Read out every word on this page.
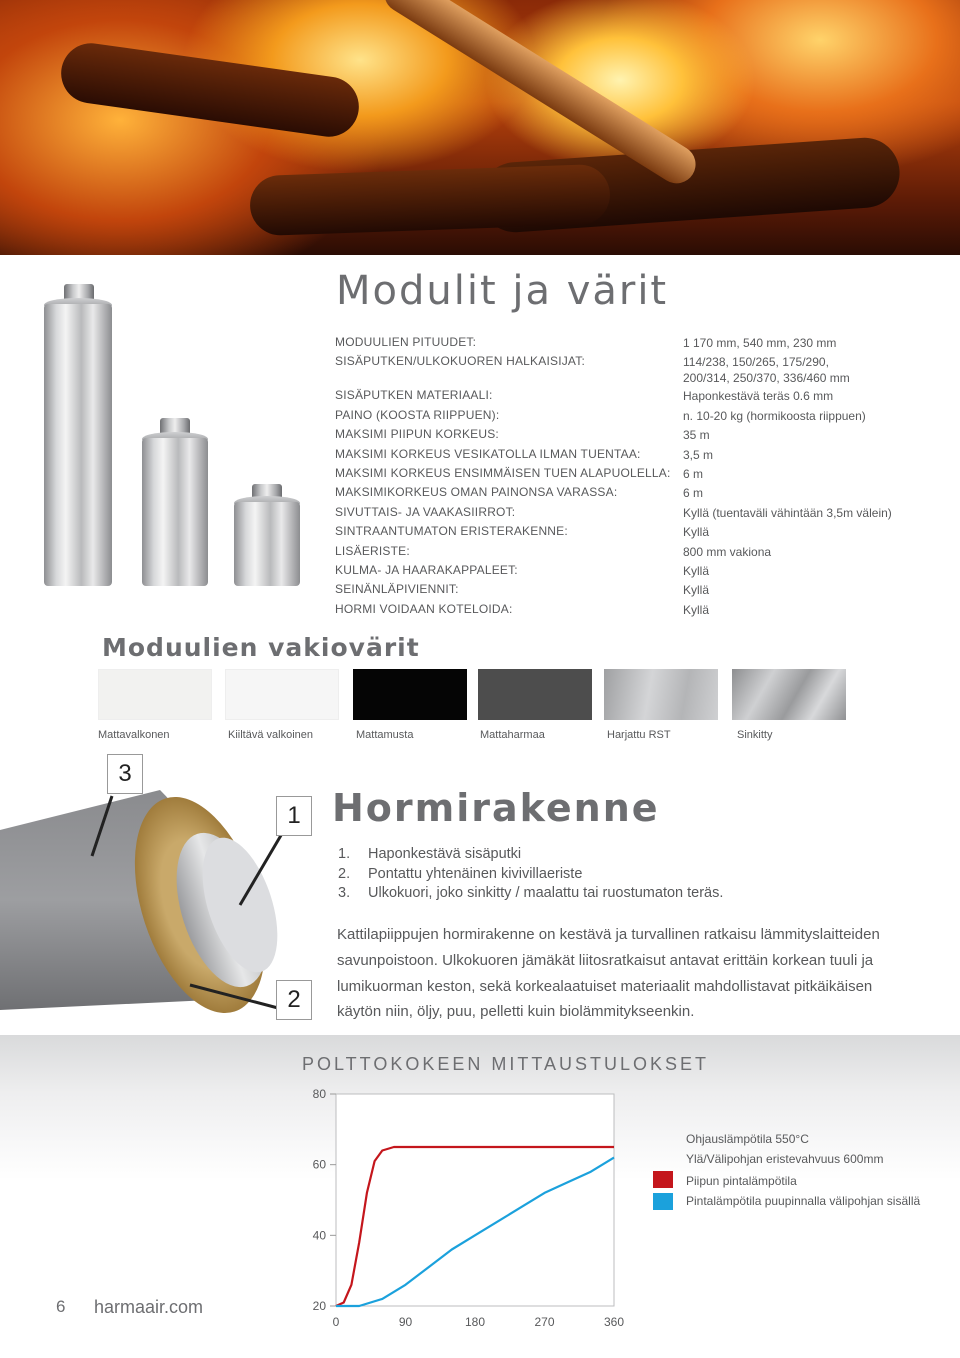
Modulit ja värit
MODUULIEN PITUUDET:	1 170 mm, 540 mm, 230 mm
SISÄPUTKEN/ULKOKUOREN HALKAISIJAT:	114/238, 150/265, 175/290,
200/314, 250/370, 336/460 mm
SISÄPUTKEN MATERIAALI:	Haponkestävä teräs 0.6 mm
PAINO (KOOSTA RIIPPUEN):	n. 10-20 kg (hormikoosta riippuen)
MAKSIMI PIIPUN KORKEUS:	35 m
MAKSIMI KORKEUS VESIKATOLLA ILMAN TUENTAA:	3,5 m
MAKSIMI KORKEUS ENSIMMÄISEN TUEN ALAPUOLELLA: 6 m
MAKSIMIKORKEUS OMAN PAINONSA VARASSA:	6 m
SIVUTTAIS- JA VAAKASIIRROT:	Kyllä (tuentaväli vähintään 3,5m välein)
SINTRAANTUMATON ERISTERAKENNE:	Kyllä
LISÄERISTE:	800 mm vakiona
KULMA- JA HAARAKAPPALEET:	Kyllä
SEINÄNLÄPIVIENNIT:	Kyllä
HORMI VOIDAAN KOTELOIDA:	Kyllä
Moduulien vakiovärit
Mattavalkonen	Kiiltävä valkoinen	Mattamusta	Mattaharmaa	Harjattu RST	Sinkitty
3
1
2
Hormirakenne
1. Haponkestävä sisäputki
2. Pontattu yhtenäinen kivivillaeriste
3. Ulkokuori, joko sinkitty / maalattu tai ruostumaton teräs.

Kattilapiippujen hormirakenne on kestävä ja turvallinen ratkaisu lämmityslaitteiden savunpoistoon. Ulkokuoren jämäkät liitosratkaisut antavat erittäin korkean tuuli ja lumikuorman keston, sekä korkealaatuiset materiaalit mahdollistavat pitkäikäisen käytön niin, öljy, puu, pelletti kuin biolämmitykseenkin.

POLTTOKOKEEN MITTAUSTULOKSET
80
60
40
20
0	90	180	270	360
Ohjauslämpötila 550°C
Ylä/Välipohjan eristevahvuus 600mm
Piipun pintalämpötila
Pintalämpötila puupinnalla välipohjan sisällä
6 harmaair.com
